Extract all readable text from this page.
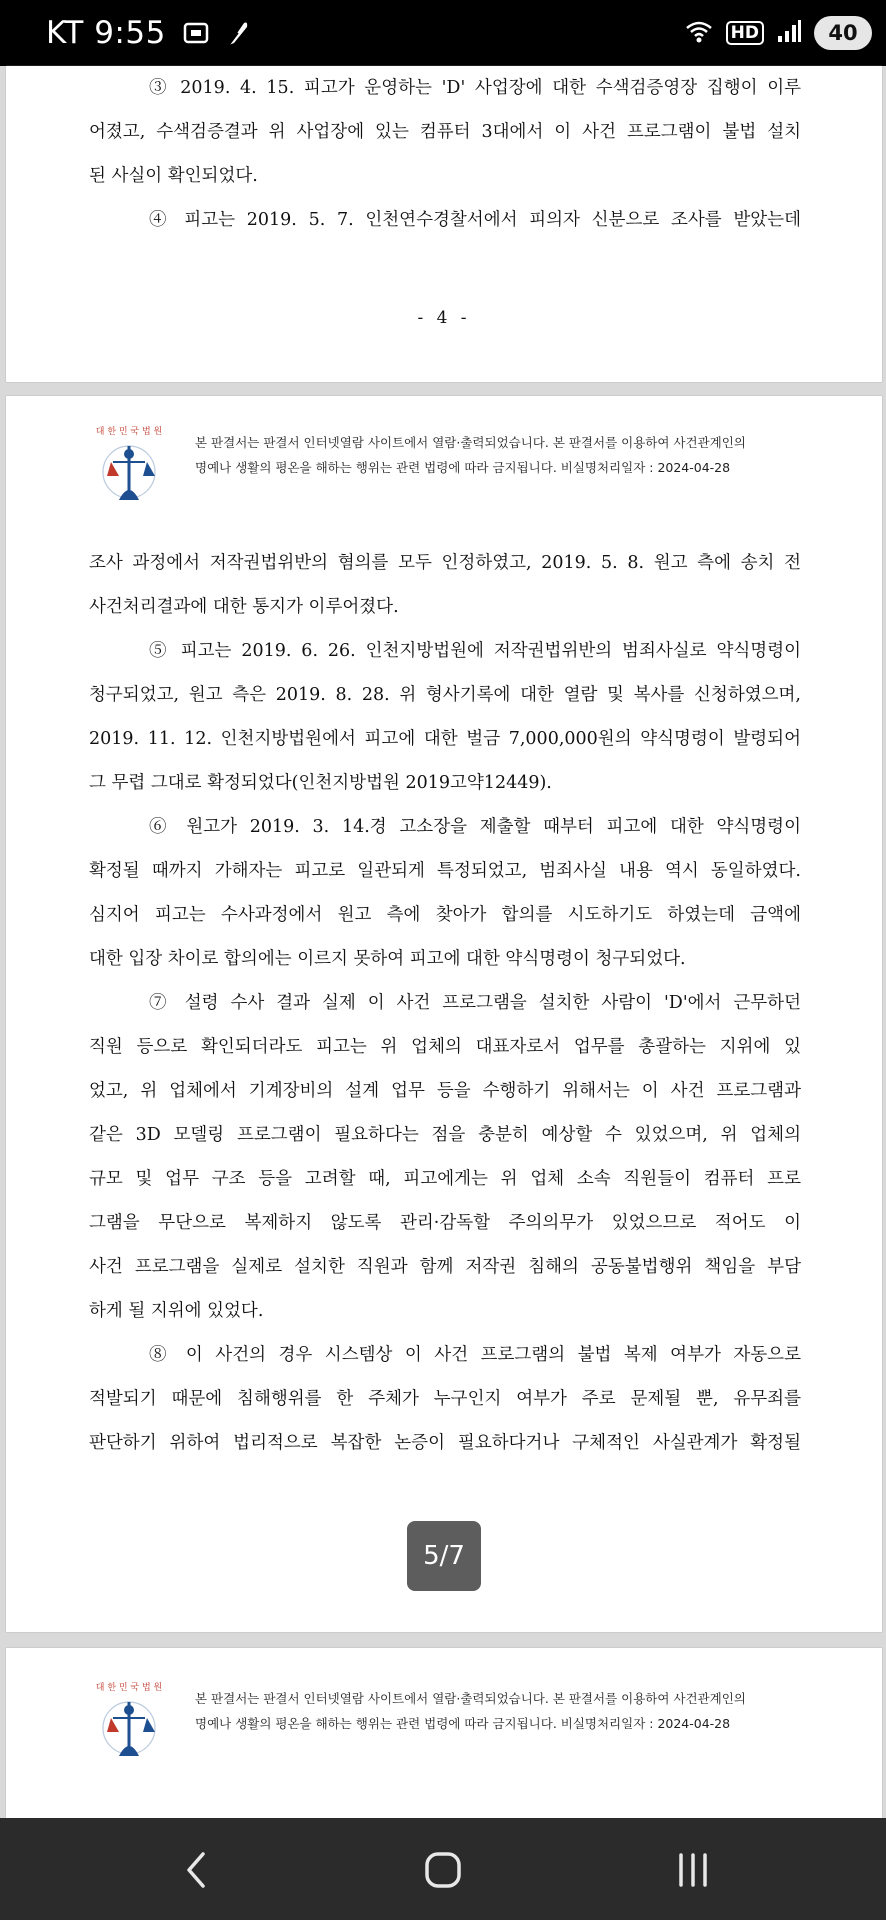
KT 9:55	HD	40
③ 2019. 4. 15. 피고가 운영하는 'D' 사업장에 대한 수색검증영장 집행이 이루
어졌고, 수색검증결과 위 사업장에 있는 컴퓨터 3대에서 이 사건 프로그램이 불법 설치
된 사실이 확인되었다.
④ 피고는 2019. 5. 7. 인천연수경찰서에서 피의자 신분으로 조사를 받았는데
- 4 -
대 한 민 국 법 원
본 판결서는 판결서 인터넷열람 사이트에서 열람·출력되었습니다. 본 판결서를 이용하여 사건관계인의
명예나 생활의 평온을 해하는 행위는 관련 법령에 따라 금지됩니다. 비실명처리일자 : 2024-04-28
조사 과정에서 저작권법위반의 혐의를 모두 인정하였고, 2019. 5. 8. 원고 측에 송치 전
사건처리결과에 대한 통지가 이루어졌다.
⑤ 피고는 2019. 6. 26. 인천지방법원에 저작권법위반의 범죄사실로 약식명령이
청구되었고, 원고 측은 2019. 8. 28. 위 형사기록에 대한 열람 및 복사를 신청하였으며,
2019. 11. 12. 인천지방법원에서 피고에 대한 벌금 7,000,000원의 약식명령이 발령되어
그 무렵 그대로 확정되었다(인천지방법원 2019고약12449).
⑥ 원고가 2019. 3. 14.경 고소장을 제출할 때부터 피고에 대한 약식명령이
확정될 때까지 가해자는 피고로 일관되게 특정되었고, 범죄사실 내용 역시 동일하였다.
심지어 피고는 수사과정에서 원고 측에 찾아가 합의를 시도하기도 하였는데 금액에
대한 입장 차이로 합의에는 이르지 못하여 피고에 대한 약식명령이 청구되었다.
⑦ 설령 수사 결과 실제 이 사건 프로그램을 설치한 사람이 'D'에서 근무하던
직원 등으로 확인되더라도 피고는 위 업체의 대표자로서 업무를 총괄하는 지위에 있
었고, 위 업체에서 기계장비의 설계 업무 등을 수행하기 위해서는 이 사건 프로그램과
같은 3D 모델링 프로그램이 필요하다는 점을 충분히 예상할 수 있었으며, 위 업체의
규모 및 업무 구조 등을 고려할 때, 피고에게는 위 업체 소속 직원들이 컴퓨터 프로
그램을 무단으로 복제하지 않도록 관리·감독할 주의의무가 있었으므로 적어도 이
사건 프로그램을 실제로 설치한 직원과 함께 저작권 침해의 공동불법행위 책임을 부담
하게 될 지위에 있었다.
⑧ 이 사건의 경우 시스템상 이 사건 프로그램의 불법 복제 여부가 자동으로
적발되기 때문에 침해행위를 한 주체가 누구인지 여부가 주로 문제될 뿐, 유무죄를
판단하기 위하여 법리적으로 복잡한 논증이 필요하다거나 구체적인 사실관계가 확정될
대 한 민 국 법 원
본 판결서는 판결서 인터넷열람 사이트에서 열람·출력되었습니다. 본 판결서를 이용하여 사건관계인의
명예나 생활의 평온을 해하는 행위는 관련 법령에 따라 금지됩니다. 비실명처리일자 : 2024-04-28
5/7
